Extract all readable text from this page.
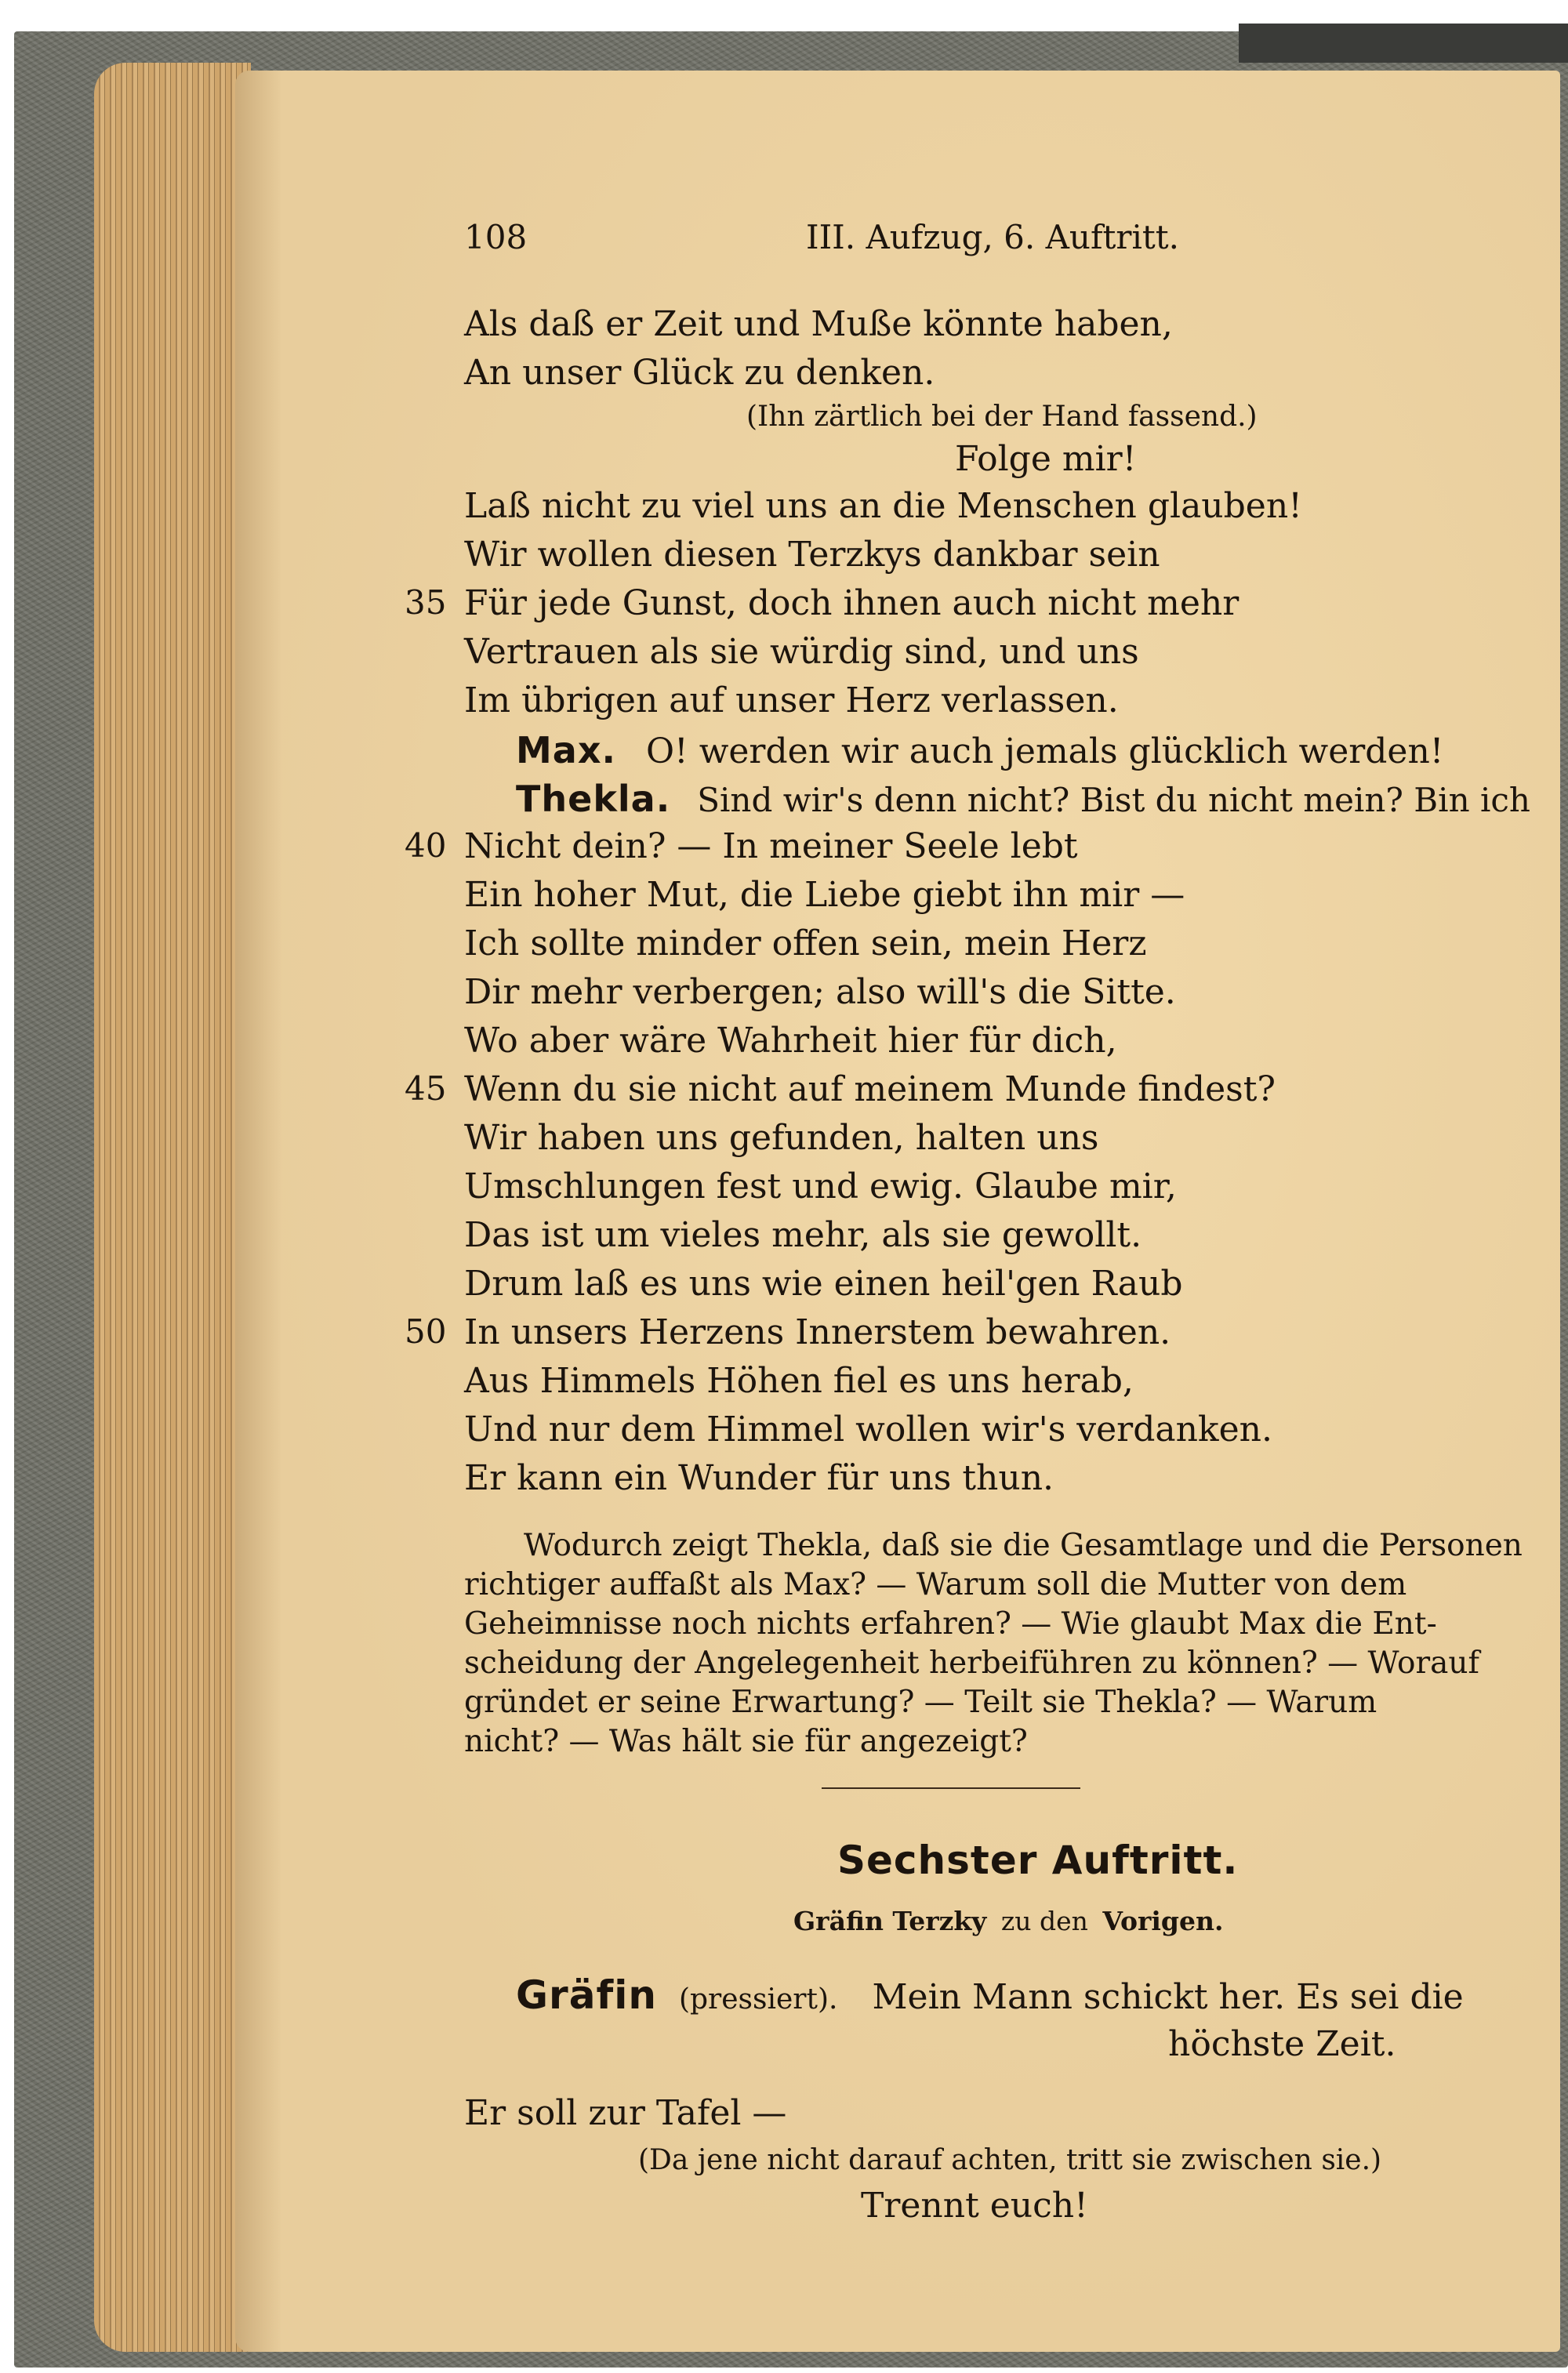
108	III. Aufzug, 6. Auftritt.
Als daß er Zeit und Muße könnte haben,
An unser Glück zu denken.
(Ihn zärtlich bei der Hand fassend.)
Folge mir!
Laß nicht zu viel uns an die Menschen glauben!
Wir wollen diesen Terzkys dankbar sein
35 Für jede Gunst, doch ihnen auch nicht mehr
Vertrauen als sie würdig sind, und uns
Im übrigen auf unser Herz verlassen.
Max. O! werden wir auch jemals glücklich werden!
Thekla. Sind wir's denn nicht? Bist du nicht mein? Bin ich
40 Nicht dein? — In meiner Seele lebt
Ein hoher Mut, die Liebe giebt ihn mir —
Ich sollte minder offen sein, mein Herz
Dir mehr verbergen; also will's die Sitte.
Wo aber wäre Wahrheit hier für dich,
45 Wenn du sie nicht auf meinem Munde findest?
Wir haben uns gefunden, halten uns
Umschlungen fest und ewig. Glaube mir,
Das ist um vieles mehr, als sie gewollt.
Drum laß es uns wie einen heil'gen Raub
50 In unsers Herzens Innerstem bewahren.
Aus Himmels Höhen fiel es uns herab,
Und nur dem Himmel wollen wir's verdanken.
Er kann ein Wunder für uns thun.
Wodurch zeigt Thekla, daß sie die Gesamtlage und die Personen
richtiger auffaßt als Max? — Warum soll die Mutter von dem
Geheimnisse noch nichts erfahren? — Wie glaubt Max die Ent-
scheidung der Angelegenheit herbeiführen zu können? — Worauf
gründet er seine Erwartung? — Teilt sie Thekla? — Warum
nicht? — Was hält sie für angezeigt?
Sechster Auftritt.
Gräfin Terzky zu den Vorigen.
Gräfin (pressiert). Mein Mann schickt her. Es sei die
höchste Zeit.
Er soll zur Tafel —
(Da jene nicht darauf achten, tritt sie zwischen sie.)
Trennt euch!
